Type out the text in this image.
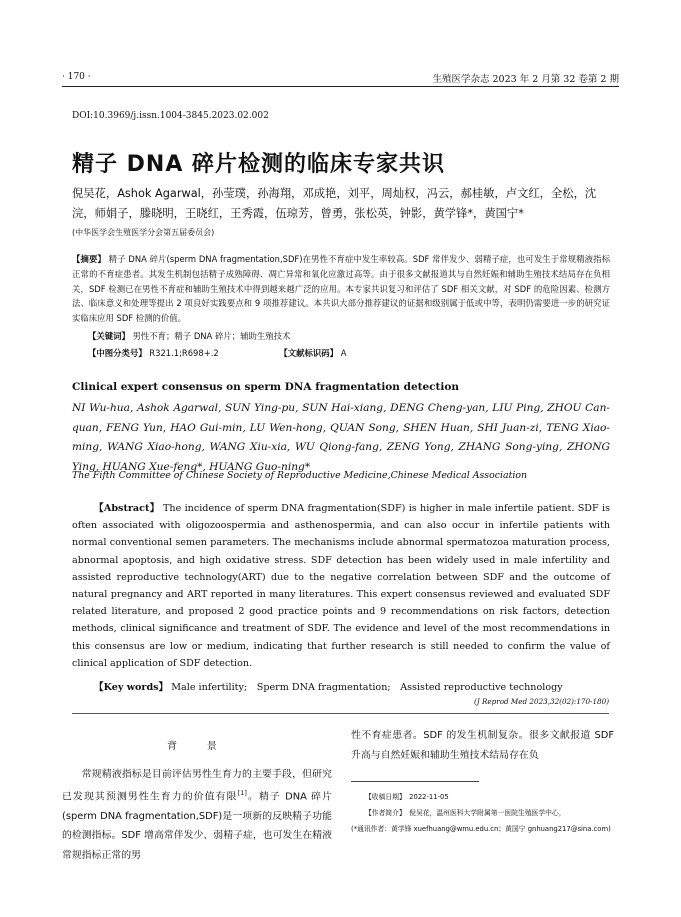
· 170 ·	生殖医学杂志 2023 年 2 月第 32 卷第 2 期
DOI:10.3969/j.issn.1004-3845.2023.02.002
精子 DNA 碎片检测的临床专家共识
倪吴花，Ashok Agarwal，孙莹璞，孙海翔，邓成艳，刘平，周灿权，冯云，郝桂敏，卢文红，全松，沈浣，师娟子，滕晓明，王晓红，王秀霞，伍琼芳，曾勇，张松英，钟影，黄学锋*，黄国宁*
(中华医学会生殖医学分会第五届委员会)
【摘要】 精子 DNA 碎片(sperm DNA fragmentation,SDF)在男性不育症中发生率较高。SDF 常伴发少、弱精子症，也可发生于常规精液指标正常的不育症患者。其发生机制包括精子成熟障碍、凋亡异常和氧化应激过高等。由于很多文献报道其与自然妊娠和辅助生殖技术结局存在负相关，SDF 检测已在男性不育症和辅助生殖技术中得到越来越广泛的应用。本专家共识复习和评估了 SDF 相关文献，对 SDF 的危险因素、检测方法、临床意义和处理等提出 2 项良好实践要点和 9 项推荐建议。本共识大部分推荐建议的证据和级别属于低或中等，表明仍需要进一步的研究证实临床应用 SDF 检测的价值。
【关键词】 男性不育；精子 DNA 碎片；辅助生殖技术
【中图分类号】 R321.1;R698+.2	【文献标识码】 A
Clinical expert consensus on sperm DNA fragmentation detection
NI Wu-hua, Ashok Agarwal, SUN Ying-pu, SUN Hai-xiang, DENG Cheng-yan, LIU Ping, ZHOU Can-quan, FENG Yun, HAO Gui-min, LU Wen-hong, QUAN Song, SHEN Huan, SHI Juan-zi, TENG Xiao-ming, WANG Xiao-hong, WANG Xiu-xia, WU Qiong-fang, ZENG Yong, ZHANG Song-ying, ZHONG Ying, HUANG Xue-feng*, HUANG Guo-ning*
The Fifth Committee of Chinese Society of Reproductive Medicine,Chinese Medical Association
【Abstract】 The incidence of sperm DNA fragmentation(SDF) is higher in male infertile patient. SDF is often associated with oligozoospermia and asthenospermia, and can also occur in infertile patients with normal conventional semen parameters. The mechanisms include abnormal spermatozoa maturation process, abnormal apoptosis, and high oxidative stress. SDF detection has been widely used in male infertility and assisted reproductive technology(ART) due to the negative correlation between SDF and the outcome of natural pregnancy and ART reported in many literatures. This expert consensus reviewed and evaluated SDF related literature, and proposed 2 good practice points and 9 recommendations on risk factors, detection methods, clinical significance and treatment of SDF. The evidence and level of the most recommendations in this consensus are low or medium, indicating that further research is still needed to confirm the value of clinical application of SDF detection.
【Key words】 Male infertility;　Sperm DNA fragmentation;　Assisted reproductive technology
(J Reprod Med 2023,32(02):170-180)
背　景
常规精液指标是目前评估男性生育力的主要手段，但研究已发现其预测男性生育力的价值有限[1]。精子 DNA 碎片(sperm DNA fragmentation,SDF)是一项新的反映精子功能的检测指标。SDF 增高常伴发少、弱精子症，也可发生在精液常规指标正常的男
性不育症患者。SDF 的发生机制复杂。很多文献报道 SDF 升高与自然妊娠和辅助生殖技术结局存在负
【收稿日期】　2022-11-05
【作者简介】　倪吴花，温州医科大学附属第一医院生殖医学中心，
(*通讯作者：黄学锋 xuefhuang@wmu.edu.cn；黄国宁 gnhuang217@sina.com)
